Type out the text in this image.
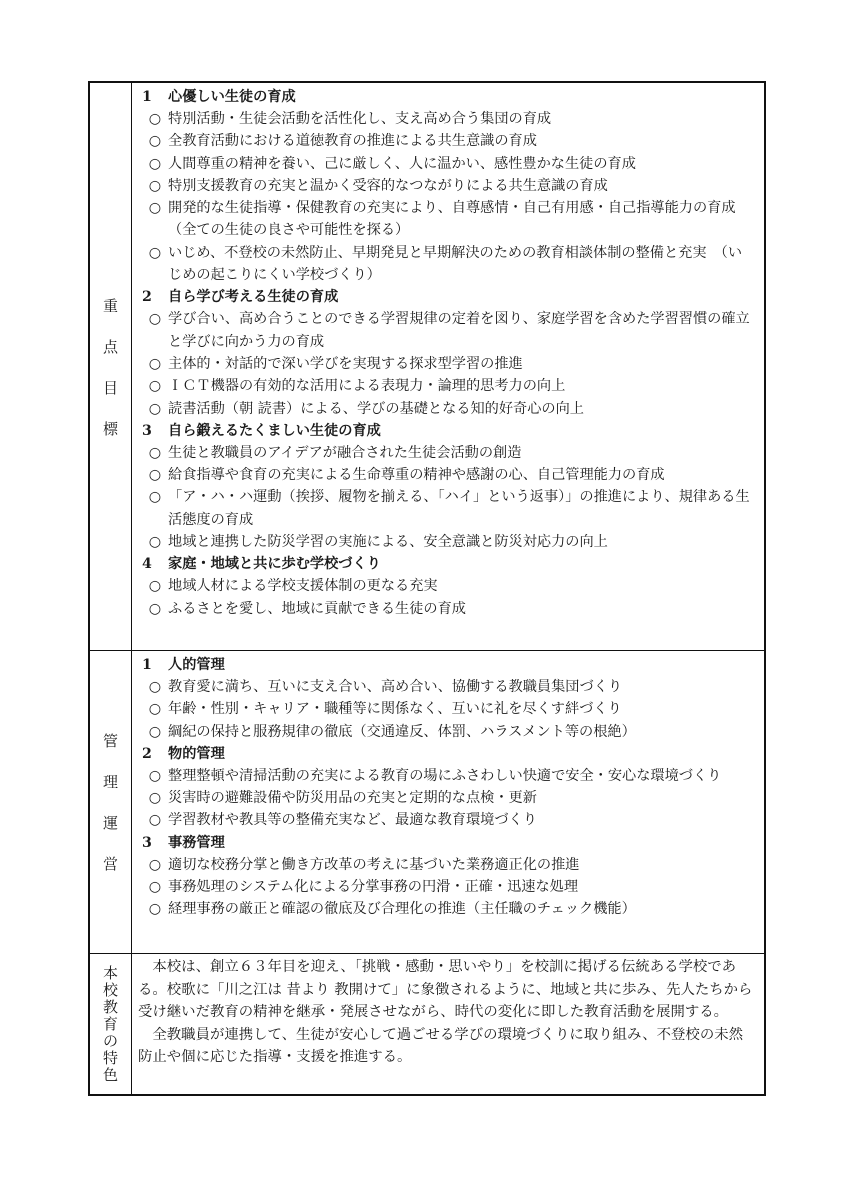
重
点
目
標
1 心優しい生徒の育成
○ 特別活動・生徒会活動を活性化し、支え高め合う集団の育成
○ 全教育活動における道徳教育の推進による共生意識の育成
○ 人間尊重の精神を養い、己に厳しく、人に温かい、感性豊かな生徒の育成
○ 特別支援教育の充実と温かく受容的なつながりによる共生意識の育成
○ 開発的な生徒指導・保健教育の充実により、自尊感情・自己有用感・自己指導能力の育成　（全ての生徒の良さや可能性を探る）
○ いじめ、不登校の未然防止、早期発見と早期解決のための教育相談体制の整備と充実　（いじめの起こりにくい学校づくり）
2 自ら学び考える生徒の育成
○ 学び合い、高め合うことのできる学習規律の定着を図り、家庭学習を含めた学習習慣の確立と学びに向かう力の育成
○ 主体的・対話的で深い学びを実現する探求型学習の推進
○ ＩＣＴ機器の有効的な活用による表現力・論理的思考力の向上
○ 読書活動（朝 読書）による、学びの基礎となる知的好奇心の向上
3 自ら鍛えるたくましい生徒の育成
○ 生徒と教職員のアイデアが融合された生徒会活動の創造
○ 給食指導や食育の充実による生命尊重の精神や感謝の心、自己管理能力の育成
○ 「ア・ハ・ハ運動（挨拶、履物を揃える、「ハイ」という返事）」の推進により、規律ある生活態度の育成
○ 地域と連携した防災学習の実施による、安全意識と防災対応力の向上
4 家庭・地域と共に歩む学校づくり
○ 地域人材による学校支援体制の更なる充実
○ ふるさとを愛し、地域に貢献できる生徒の育成
管
理
運
営
1 人的管理
○ 教育愛に満ち、互いに支え合い、高め合い、協働する教職員集団づくり
○ 年齢・性別・キャリア・職種等に関係なく、互いに礼を尽くす絆づくり
○ 綱紀の保持と服務規律の徹底（交通違反、体罰、ハラスメント等の根絶）
2 物的管理
○ 整理整頓や清掃活動の充実による教育の場にふさわしい快適で安全・安心な環境づくり
○ 災害時の避難設備や防災用品の充実と定期的な点検・更新
○ 学習教材や教具等の整備充実など、最適な教育環境づくり
3 事務管理
○ 適切な校務分掌と働き方改革の考えに基づいた業務適正化の推進
○ 事務処理のシステム化による分掌事務の円滑・正確・迅速な処理
○ 経理事務の厳正と確認の徹底及び合理化の推進（主任職のチェック機能）
本
校
教
育
の
特
色

本校は、創立６３年目を迎え、「挑戦・感動・思いやり」を校訓に掲げる伝統ある学校である。校歌に「川之江は 昔より 教開けて」に象徴されるように、地域と共に歩み、先人たちから受け継いだ教育の精神を継承・発展させながら、時代の変化に即した教育活動を展開する。

全教職員が連携して、生徒が安心して過ごせる学びの環境づくりに取り組み、不登校の未然防止や個に応じた指導・支援を推進する。
